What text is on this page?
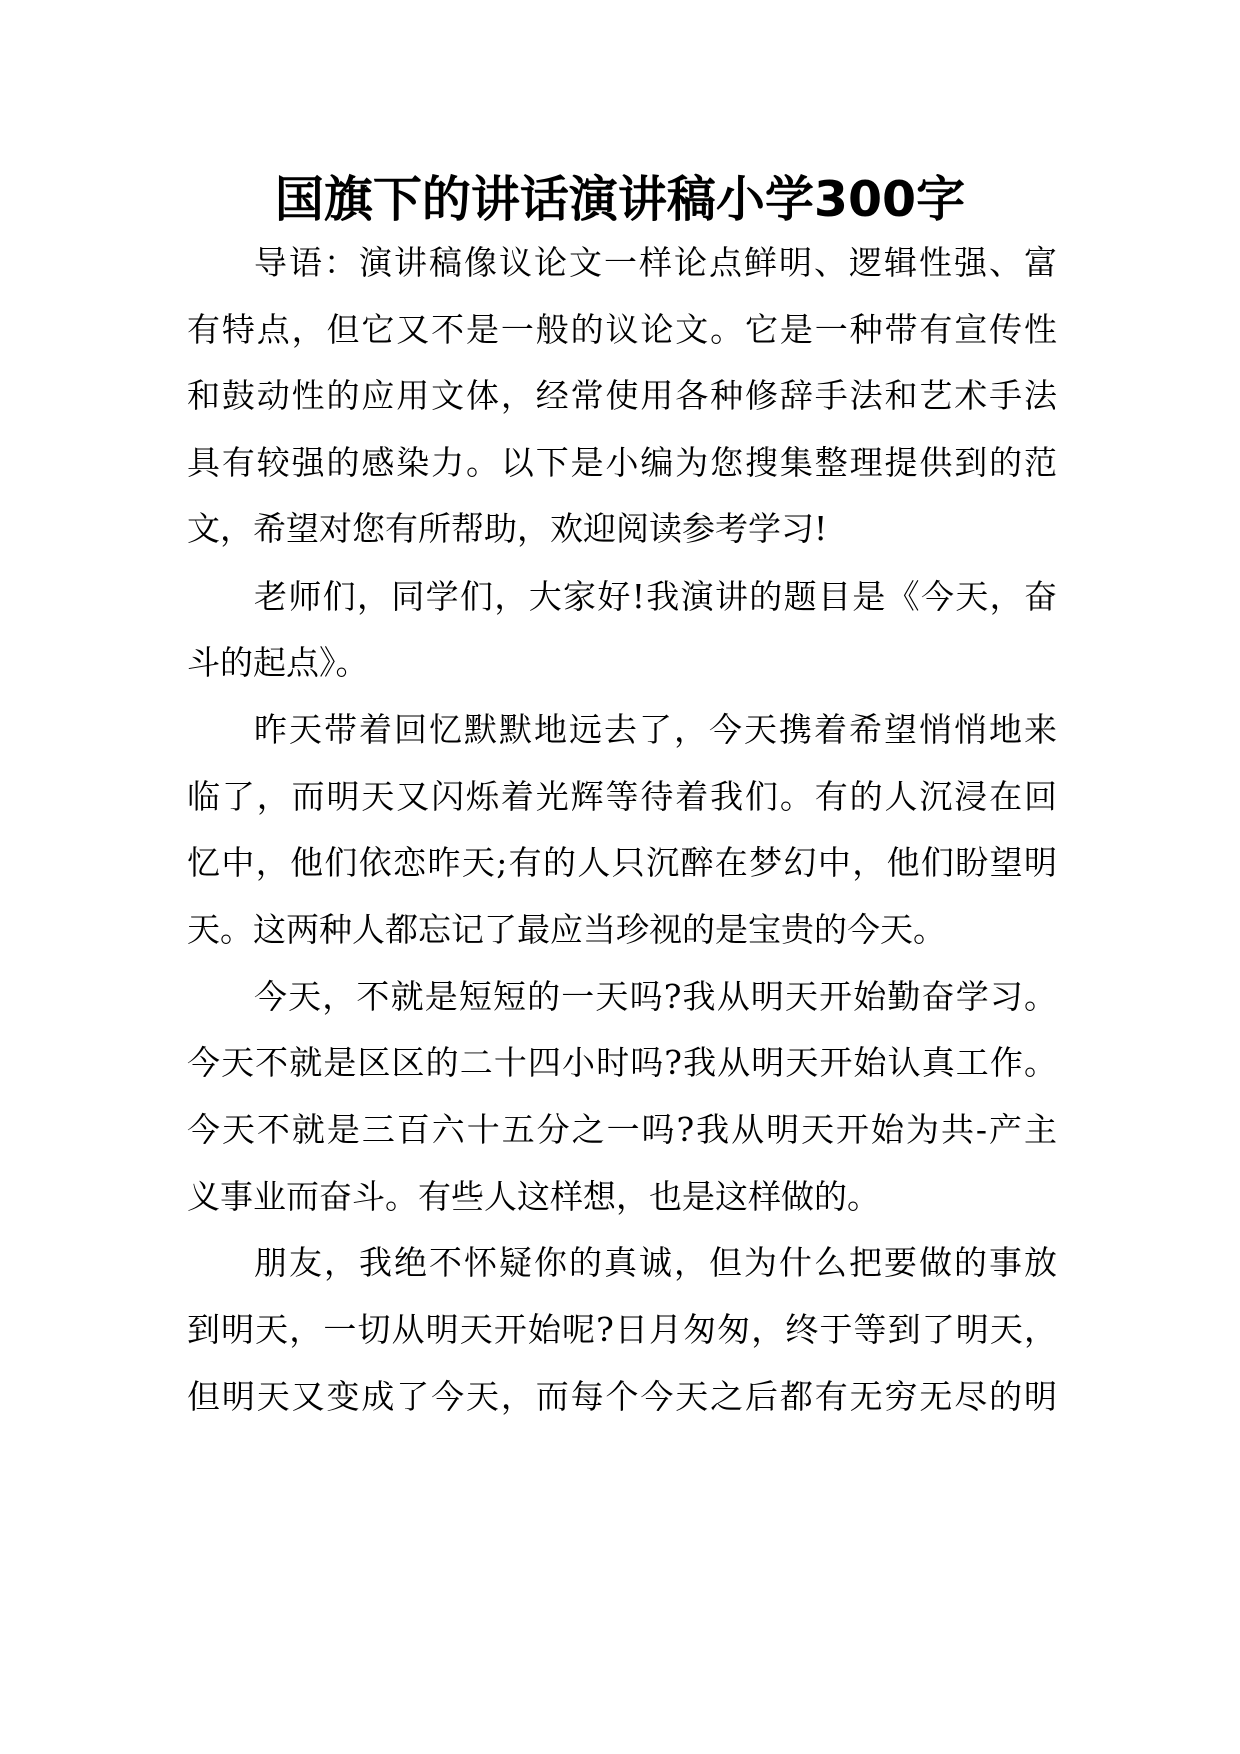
国旗下的讲话演讲稿小学300字

导语：演讲稿像议论文一样论点鲜明、逻辑性强、富

有特点，但它又不是一般的议论文。它是一种带有宣传性

和鼓动性的应用文体，经常使用各种修辞手法和艺术手法

具有较强的感染力。以下是小编为您搜集整理提供到的范

文，希望对您有所帮助，欢迎阅读参考学习!

老师们，同学们，大家好!我演讲的题目是《今天，奋

斗的起点》。

昨天带着回忆默默地远去了，今天携着希望悄悄地来

临了，而明天又闪烁着光辉等待着我们。有的人沉浸在回

忆中，他们依恋昨天;有的人只沉醉在梦幻中，他们盼望明

天。这两种人都忘记了最应当珍视的是宝贵的今天。

今天，不就是短短的一天吗?我从明天开始勤奋学习。

今天不就是区区的二十四小时吗?我从明天开始认真工作。

今天不就是三百六十五分之一吗?我从明天开始为共-产主

义事业而奋斗。有些人这样想，也是这样做的。

朋友，我绝不怀疑你的真诚，但为什么把要做的事放

到明天，一切从明天开始呢?日月匆匆，终于等到了明天，

但明天又变成了今天，而每个今天之后都有无穷无尽的明
